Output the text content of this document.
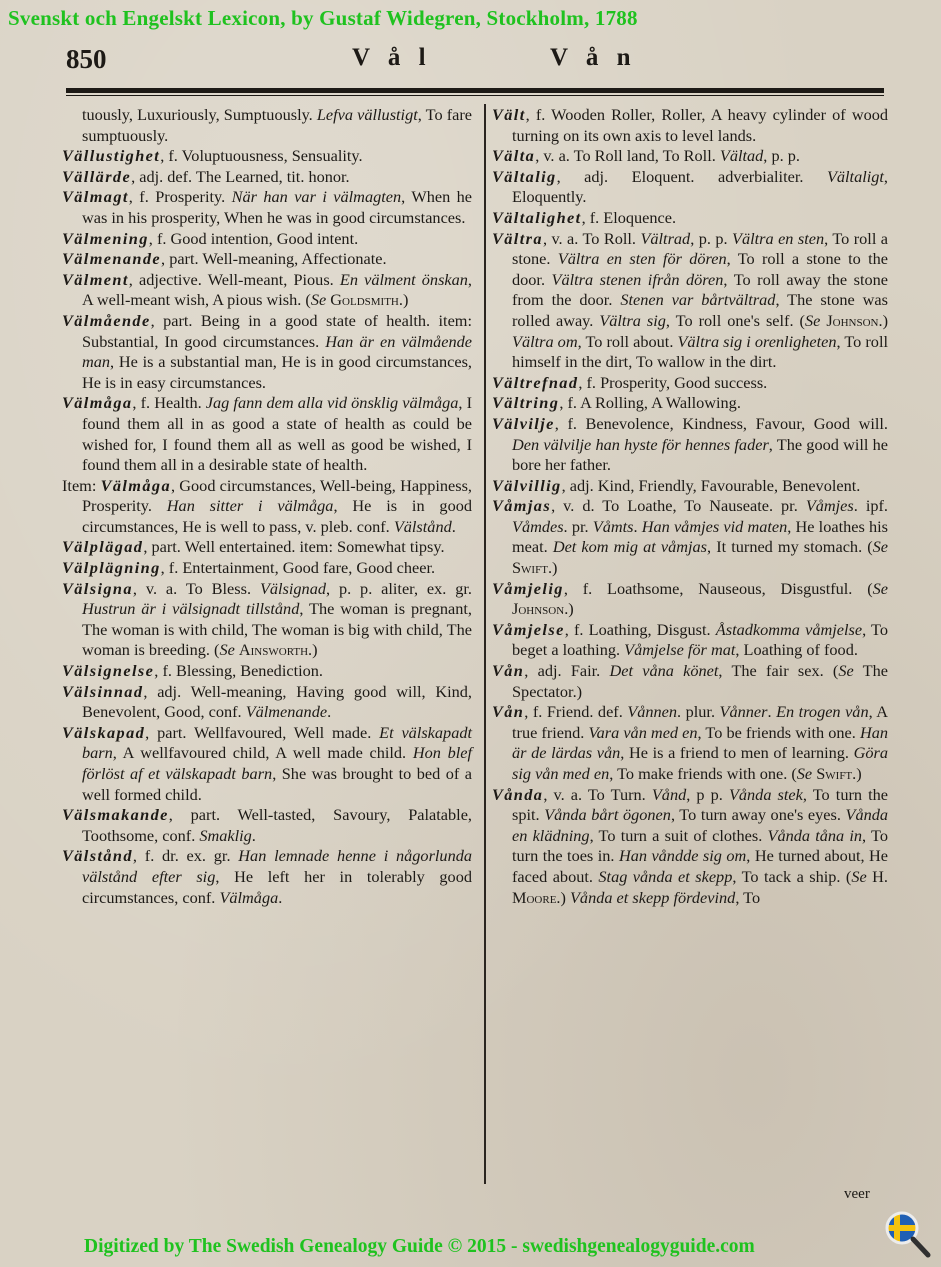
Svenskt och Engelskt Lexicon, by Gustaf Widegren, Stockholm, 1788
850	V å l	V å n

tuously, Luxuriously, Sumptuously. Lefva vällustigt, To fare sumptuously.

Vällustighet, f. Voluptuousness, Sensuality.

Vällärde, adj. def. The Learned, tit. honor.

Välmagt, f. Prosperity. När han var i välmagten, When he was in his prosperity, When he was in good circumstances.

Välmening, f. Good intention, Good intent.

Välmenande, part. Well-meaning, Affectionate.

Välment, adjective. Well-meant, Pious. En välment önskan, A well-meant wish, A pious wish. (Se Goldsmith.)

Välmående, part. Being in a good state of health. item: Substantial, In good circumstances. Han är en välmående man, He is a substantial man, He is in good circumstances, He is in easy circumstances.

Välmåga, f. Health. Jag fann dem alla vid önsklig välmåga, I found them all in as good a state of health as could be wished for, I found them all as well as good be wished, I found them all in a desirable state of health.

Item: Välmåga, Good circumstances, Well-being, Happiness, Prosperity. Han sitter i välmåga, He is in good circumstances, He is well to pass, v. pleb. conf. Välstånd.

Välplägad, part. Well entertained. item: Somewhat tipsy.

Välplägning, f. Entertainment, Good fare, Good cheer.

Välsigna, v. a. To Bless. Välsignad, p. p. aliter, ex. gr. Hustrun är i välsignadt tillstånd, The woman is pregnant, The woman is with child, The woman is big with child, The woman is breeding. (Se Ainsworth.)

Välsignelse, f. Blessing, Benediction.

Välsinnad, adj. Well-meaning, Having good will, Kind, Benevolent, Good, conf. Välmenande.

Välskapad, part. Wellfavoured, Well made. Et välskapadt barn, A wellfavoured child, A well made child. Hon blef förlöst af et välskapadt barn, She was brought to bed of a well formed child.

Välsmakande, part. Well-tasted, Savoury, Palatable, Toothsome, conf. Smaklig.

Välstånd, f. dr. ex. gr. Han lemnade henne i någorlunda välstånd efter sig, He left her in tolerably good circumstances, conf. Välmåga.

Vält, f. Wooden Roller, Roller, A heavy cylinder of wood turning on its own axis to level lands.

Välta, v. a. To Roll land, To Roll. Vältad, p. p.

Vältalig, adj. Eloquent. adverbialiter. Vältaligt, Eloquently.

Vältalighet, f. Eloquence.

Vältra, v. a. To Roll. Vältrad, p. p. Vältra en sten, To roll a stone. Vältra en sten för dören, To roll a stone to the door. Vältra stenen ifrån dören, To roll away the stone from the door. Stenen var bårtvältrad, The stone was rolled away. Vältra sig, To roll one's self. (Se Johnson.) Vältra om, To roll about. Vältra sig i orenligheten, To roll himself in the dirt, To wallow in the dirt.

Vältrefnad, f. Prosperity, Good success.

Vältring, f. A Rolling, A Wallowing.

Välvilje, f. Benevolence, Kindness, Favour, Good will. Den välvilje han hyste för hennes fader, The good will he bore her father.

Välvillig, adj. Kind, Friendly, Favourable, Benevolent.

Våmjas, v. d. To Loathe, To Nauseate. pr. Våmjes. ipf. Våmdes. pr. Våmts. Han våmjes vid maten, He loathes his meat. Det kom mig at våmjas, It turned my stomach. (Se Swift.)

Våmjelig, f. Loathsome, Nauseous, Disgustful. (Se Johnson.)

Våmjelse, f. Loathing, Disgust. Åstadkomma våmjelse, To beget a loathing. Våmjelse för mat, Loathing of food.

Vån, adj. Fair. Det våna könet, The fair sex. (Se The Spectator.)

Vån, f. Friend. def. Vånnen. plur. Vånner. En trogen vån, A true friend. Vara vån med en, To be friends with one. Han är de lärdas vån, He is a friend to men of learning. Göra sig vån med en, To make friends with one. (Se Swift.)

Vånda, v. a. To Turn. Vånd, p p. Vånda stek, To turn the spit. Vånda bårt ögonen, To turn away one's eyes. Vånda en klädning, To turn a suit of clothes. Vånda tåna in, To turn the toes in. Han våndde sig om, He turned about, He faced about. Stag vånda et skepp, To tack a ship. (Se H. Moore.) Vånda et skepp fördevind, To

veer
Digitized by The Swedish Genealogy Guide © 2015 - swedishgenealogyguide.com
